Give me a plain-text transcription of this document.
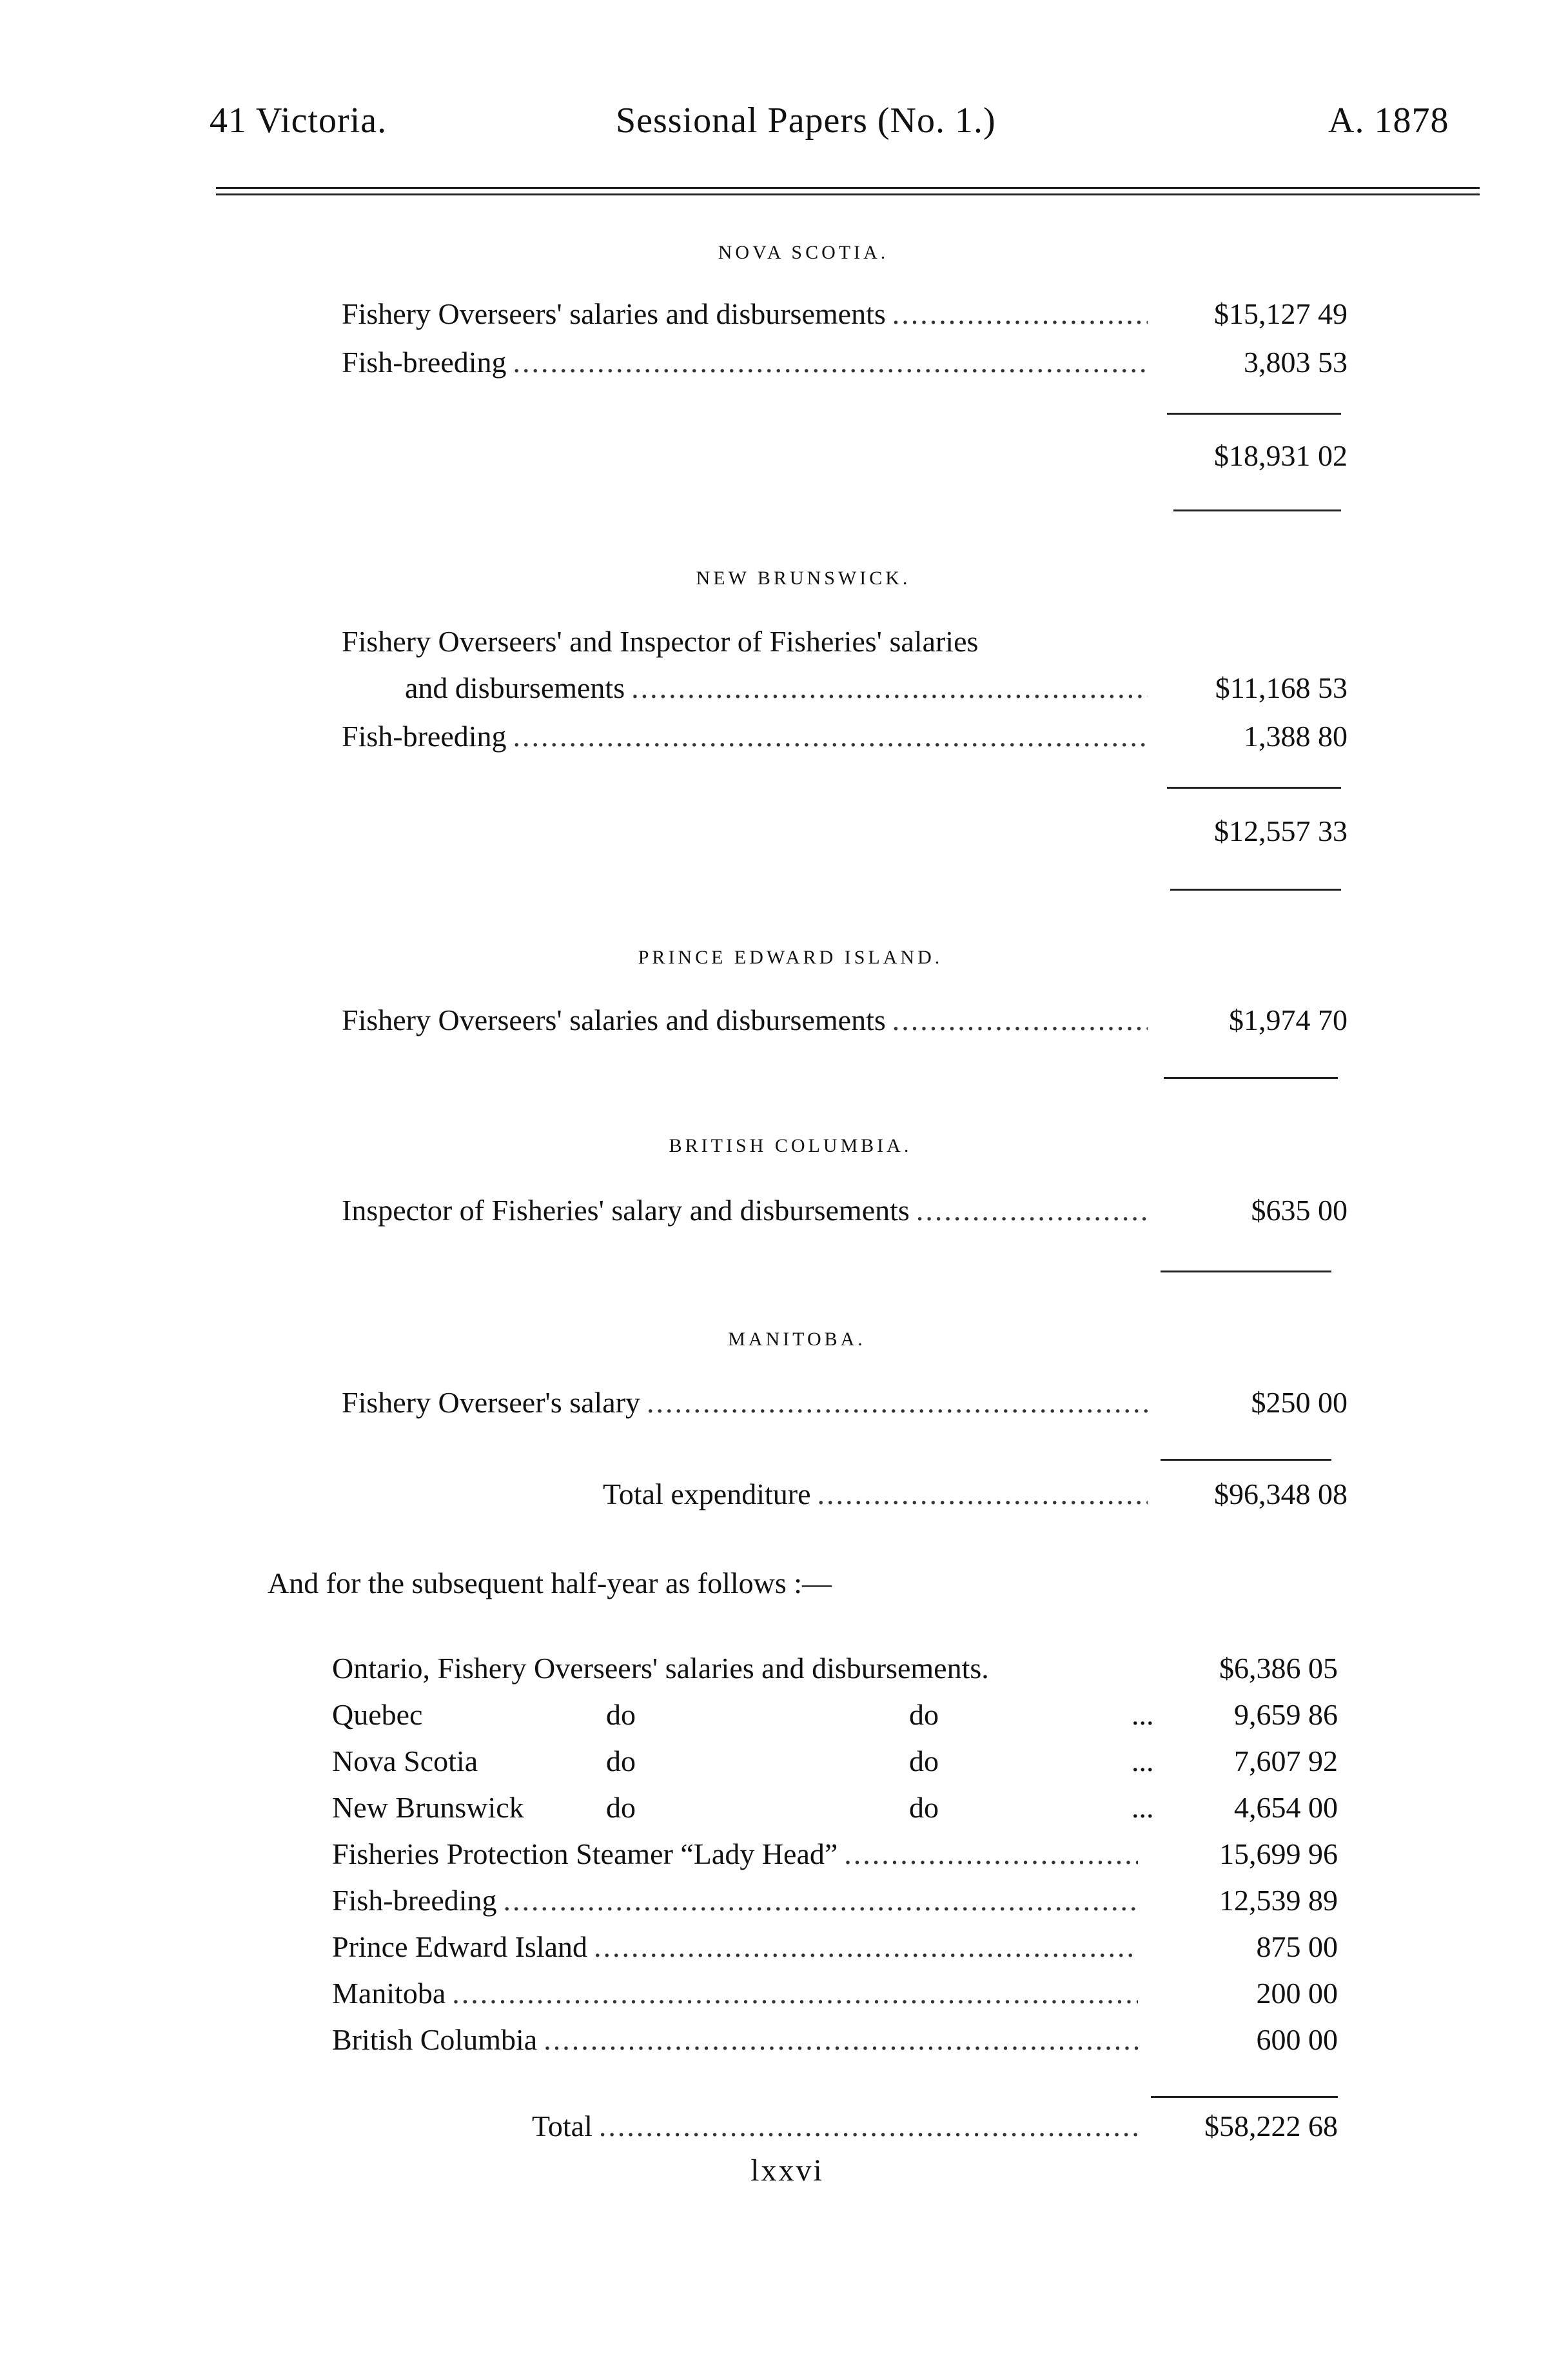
41 Victoria.	Sessional Papers (No. 1.)	A. 1878
NOVA SCOTIA.
Fishery Overseers' salaries and disbursements .....	$15,127 49
Fish-breeding .....	3,803 53
$18,931 02
NEW BRUNSWICK.
Fishery Overseers' and Inspector of Fisheries' salaries
and disbursements .....	$11,168 53
Fish-breeding .....	1,388 80
$12,557 33
PRINCE EDWARD ISLAND.
Fishery Overseers' salaries and disbursements .....	$1,974 70
BRITISH COLUMBIA.
Inspector of Fisheries' salary and disbursements .....	$635 00
MANITOBA.
Fishery Overseer's salary .....	$250 00
Total expenditure .....	$96,348 08
And for the subsequent half-year as follows :—
Ontario, Fishery Overseers' salaries and disbursements.	$6,386 05
Quebec	do	do	...	9,659 86
Nova Scotia	do	do	...	7,607 92
New Brunswick	do	do	...	4,654 00
Fisheries Protection Steamer “Lady Head” .....	15,699 96
Fish-breeding .....	12,539 89
Prince Edward Island .....	875 00
Manitoba .....	200 00
British Columbia .....	600 00
Total .....	$58,222 68
lxxvi
